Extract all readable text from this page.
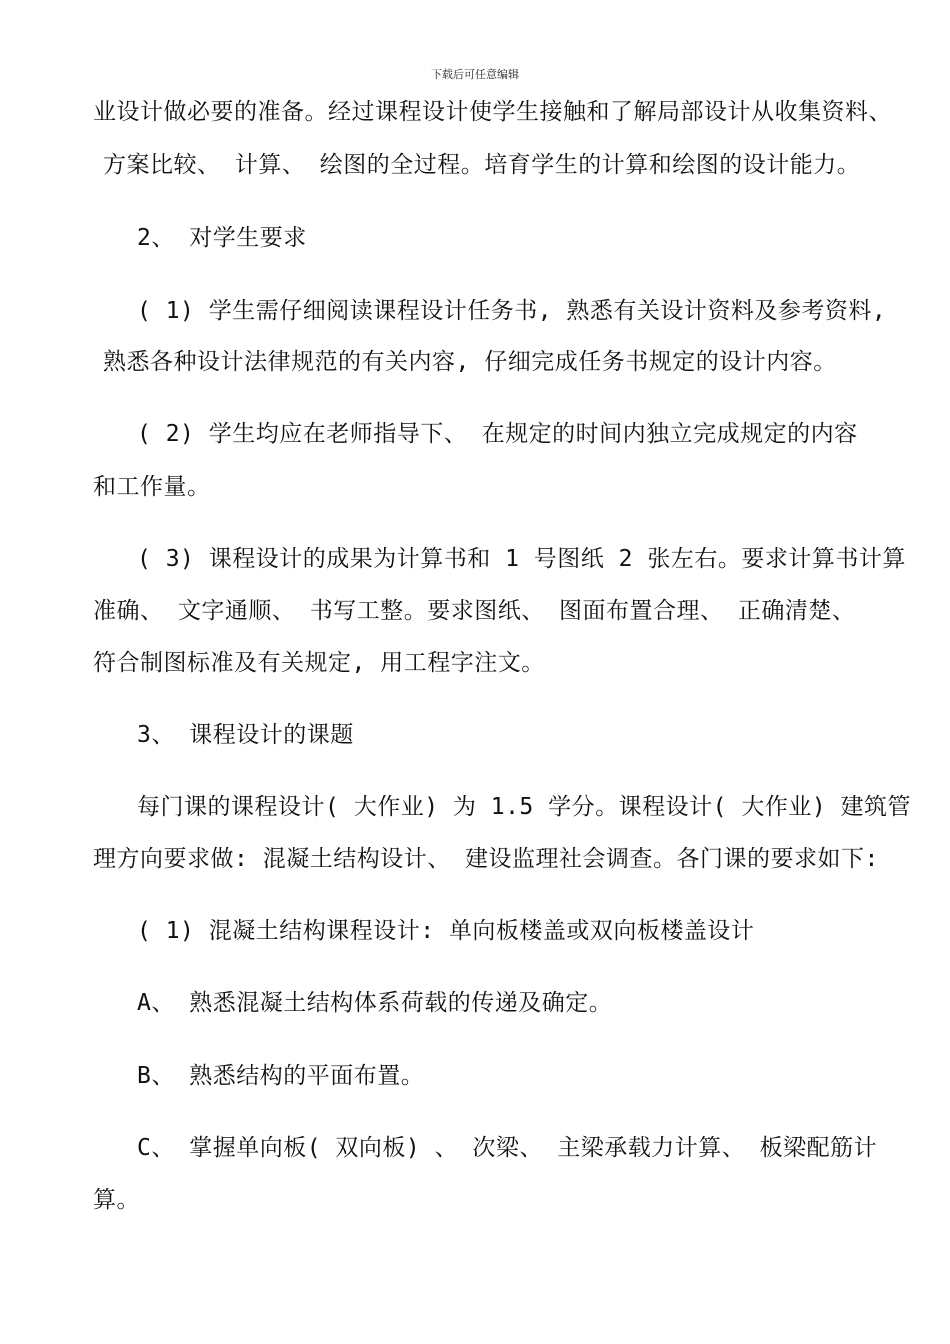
下载后可任意编辑
业设计做必要的准备。经过课程设计使学生接触和了解局部设计从收集资料、
方案比较、 计算、 绘图的全过程。培育学生的计算和绘图的设计能力。
2、 对学生要求
( 1) 学生需仔细阅读课程设计任务书, 熟悉有关设计资料及参考资料,
熟悉各种设计法律规范的有关内容, 仔细完成任务书规定的设计内容。
( 2) 学生均应在老师指导下、 在规定的时间内独立完成规定的内容
和工作量。
( 3) 课程设计的成果为计算书和 1 号图纸 2 张左右。要求计算书计算
准确、 文字通顺、 书写工整。要求图纸、 图面布置合理、 正确清楚、
符合制图标准及有关规定, 用工程字注文。
3、 课程设计的课题
每门课的课程设计( 大作业) 为 1.5 学分。课程设计( 大作业) 建筑管
理方向要求做: 混凝土结构设计、 建设监理社会调查。各门课的要求如下:
( 1) 混凝土结构课程设计: 单向板楼盖或双向板楼盖设计
A、 熟悉混凝土结构体系荷载的传递及确定。
B、 熟悉结构的平面布置。
C、 掌握单向板( 双向板) 、 次梁、 主梁承载力计算、 板梁配筋计
算。
